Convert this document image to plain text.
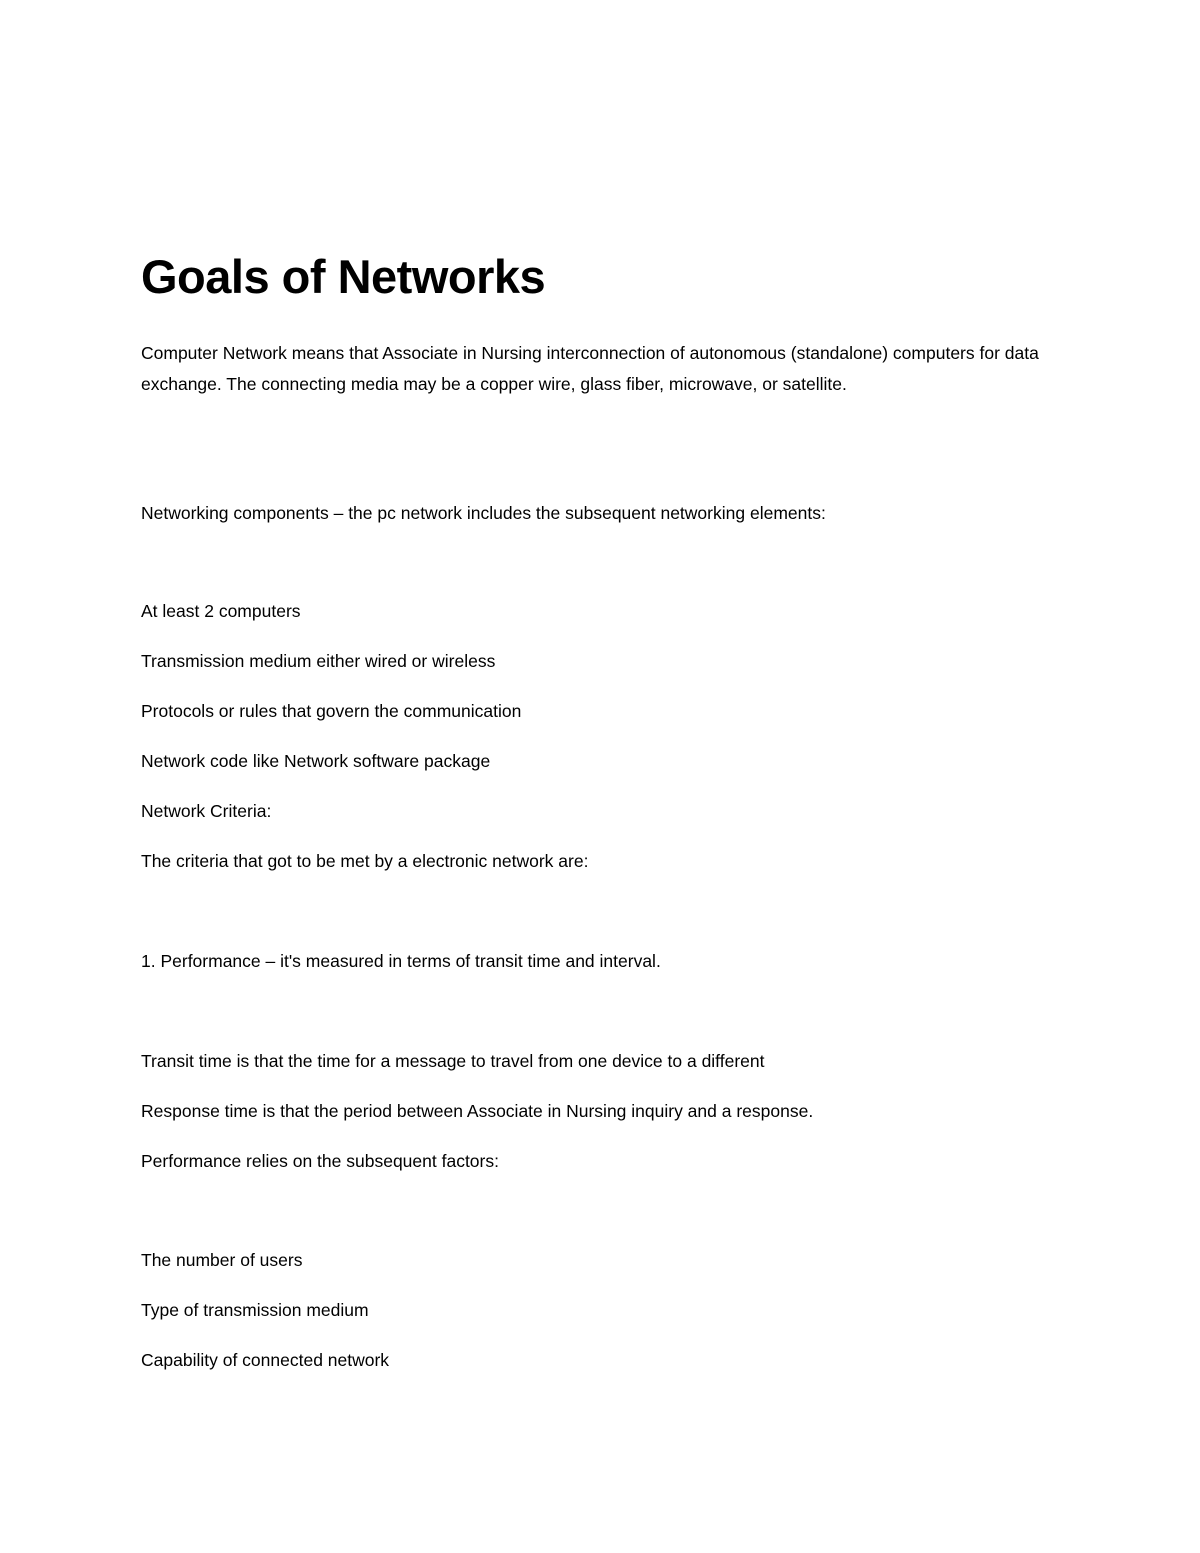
Goals of Networks

Computer Network means that Associate in Nursing interconnection of autonomous (standalone) computers for data exchange. The connecting media may be a copper wire, glass fiber, microwave, or satellite.

Networking components – the pc network includes the subsequent networking elements:

At least 2 computers

Transmission medium either wired or wireless

Protocols or rules that govern the communication

Network code like Network software package

Network Criteria:

The criteria that got to be met by a electronic network are:

1. Performance – it's measured in terms of transit time and interval.

Transit time is that the time for a message to travel from one device to a different

Response time is that the period between Associate in Nursing inquiry and a response.

Performance relies on the subsequent factors:

The number of users

Type of transmission medium

Capability of connected network
